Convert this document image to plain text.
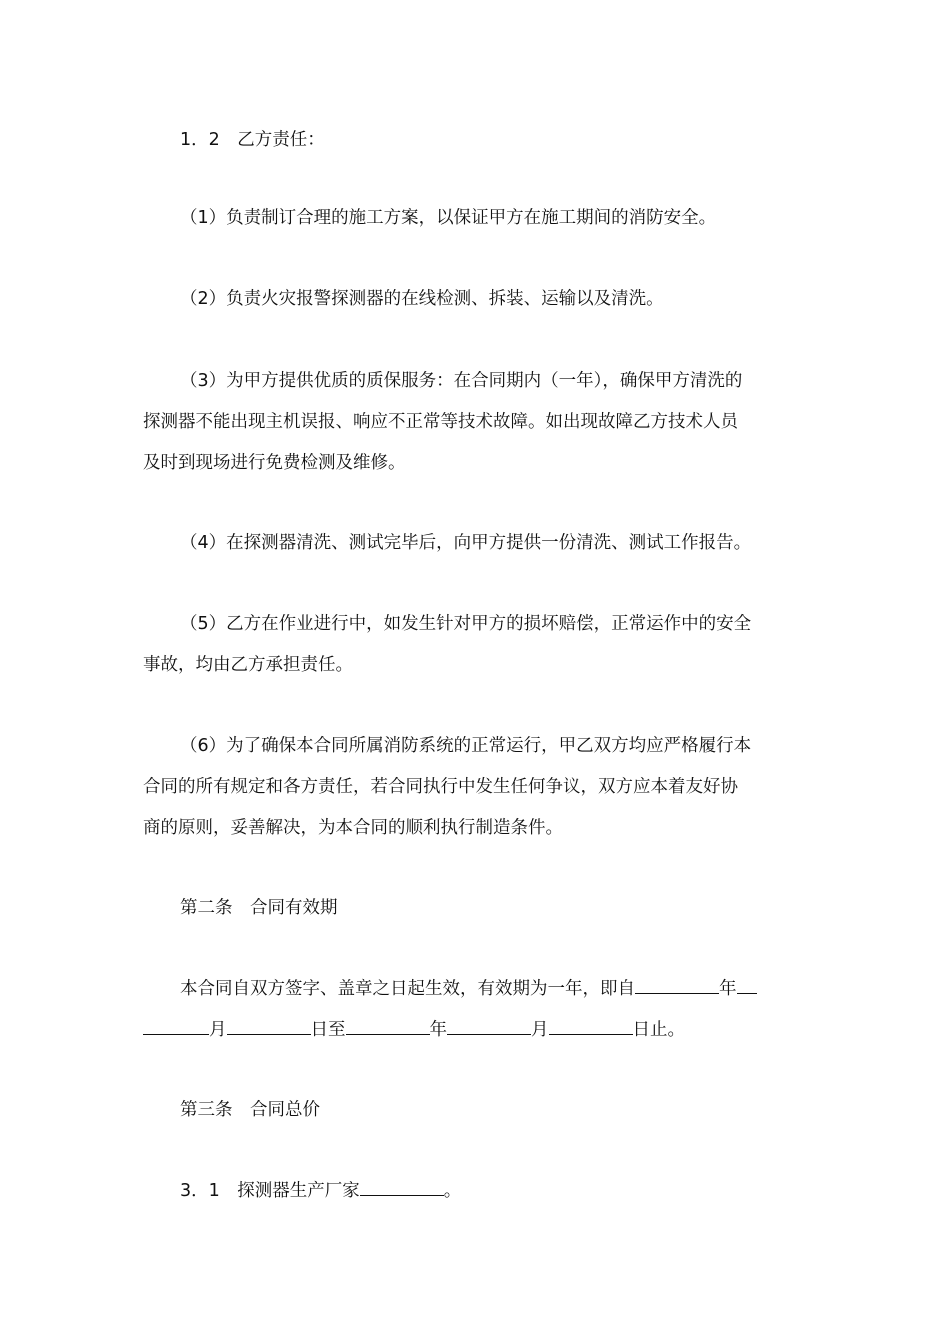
1．2　乙方责任：
（1）负责制订合理的施工方案，以保证甲方在施工期间的消防安全。
（2）负责火灾报警探测器的在线检测、拆装、运输以及清洗。
（3）为甲方提供优质的质保服务：在合同期内（一年），确保甲方清洗的
探测器不能出现主机误报、响应不正常等技术故障。如出现故障乙方技术人员
及时到现场进行免费检测及维修。
（4）在探测器清洗、测试完毕后，向甲方提供一份清洗、测试工作报告。
（5）乙方在作业进行中，如发生针对甲方的损坏赔偿，正常运作中的安全
事故，均由乙方承担责任。
（6）为了确保本合同所属消防系统的正常运行，甲乙双方均应严格履行本
合同的所有规定和各方责任，若合同执行中发生任何争议，双方应本着友好协
商的原则，妥善解决，为本合同的顺利执行制造条件。
第二条　合同有效期
本合同自双方签字、盖章之日起生效，有效期为一年，即自	年
月	日至	年	月	日止。
第三条　合同总价
3．1　探测器生产厂家	。
